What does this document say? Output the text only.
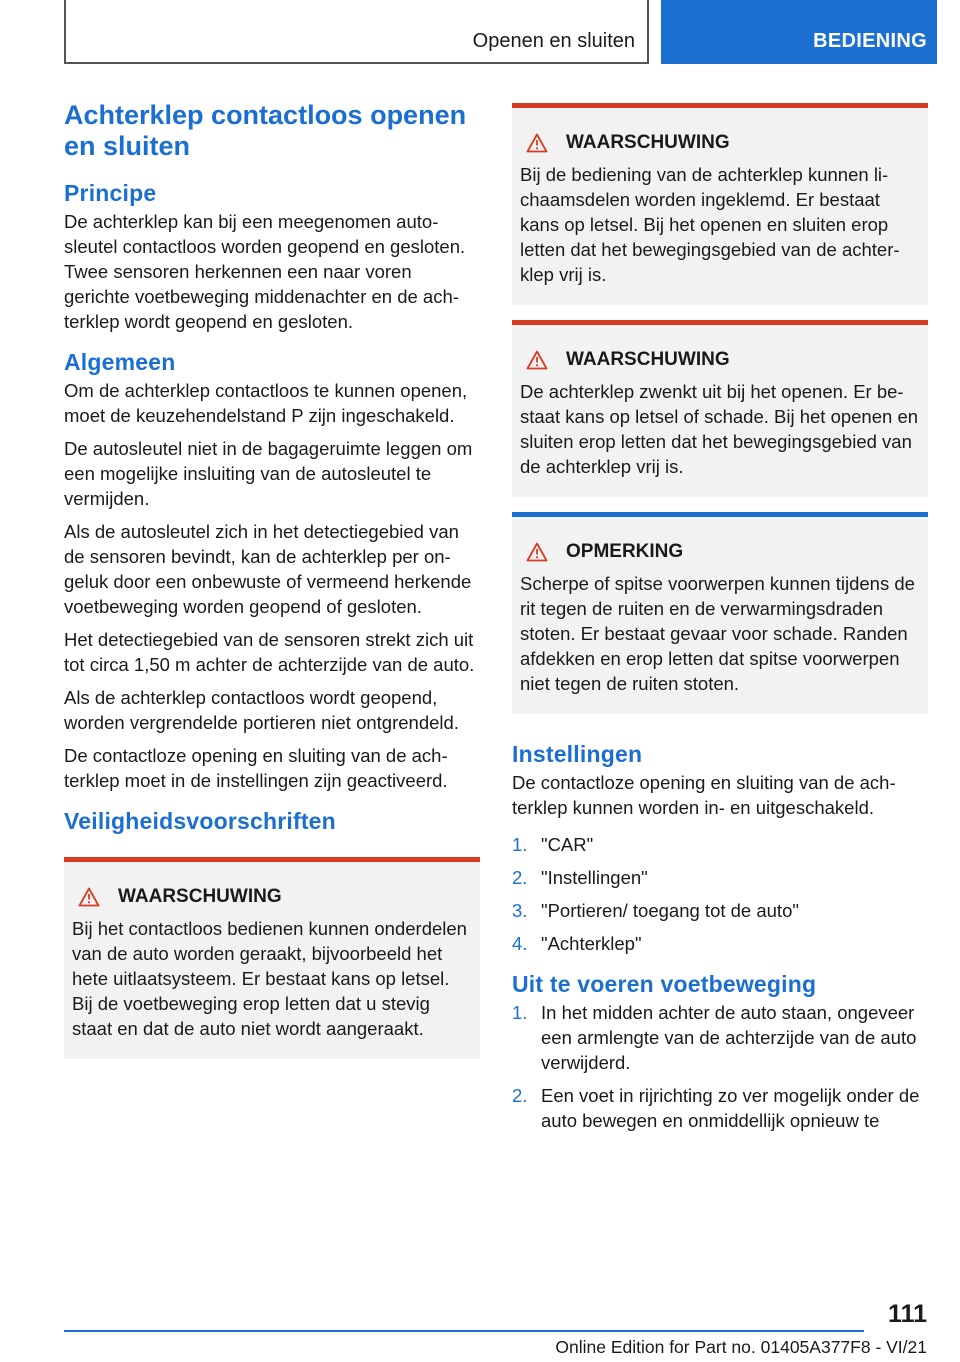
Openen en sluiten	BEDIENING
Achterklep contactloos openen en sluiten
Principe

De achterklep kan bij een meegenomen autosleutel contactloos worden geopend en gesloten. Twee sensoren herkennen een naar voren gerichte voetbeweging middenachter en de achterklep wordt geopend en gesloten.

Algemeen

Om de achterklep contactloos te kunnen openen, moet de keuzehendelstand P zijn ingeschakeld.

De autosleutel niet in de bagageruimte leggen om een mogelijke insluiting van de autosleutel te vermijden.

Als de autosleutel zich in het detectiegebied van de sensoren bevindt, kan de achterklep per ongeluk door een onbewuste of vermeend herkende voetbeweging worden geopend of gesloten.

Het detectiegebied van de sensoren strekt zich uit tot circa 1,50 m achter de achterzijde van de auto.

Als de achterklep contactloos wordt geopend, worden vergrendelde portieren niet ontgrendeld.

De contactloze opening en sluiting van de achterklep moet in de instellingen zijn geactiveerd.

Veiligheidsvoorschriften
WAARSCHUWING

Bij het contactloos bedienen kunnen onderdelen van de auto worden geraakt, bijvoorbeeld het hete uitlaatsysteem. Er bestaat kans op letsel. Bij de voetbeweging erop letten dat u stevig staat en dat de auto niet wordt aangeraakt.

WAARSCHUWING

Bij de bediening van de achterklep kunnen lichaamsdelen worden ingeklemd. Er bestaat kans op letsel. Bij het openen en sluiten erop letten dat het bewegingsgebied van de achterklep vrij is.

WAARSCHUWING

De achterklep zwenkt uit bij het openen. Er bestaat kans op letsel of schade. Bij het openen en sluiten erop letten dat het bewegingsgebied van de achterklep vrij is.

OPMERKING

Scherpe of spitse voorwerpen kunnen tijdens de rit tegen de ruiten en de verwarmingsdraden stoten. Er bestaat gevaar voor schade. Randen afdekken en erop letten dat spitse voorwerpen niet tegen de ruiten stoten.

Instellingen

De contactloze opening en sluiting van de achterklep kunnen worden in- en uitgeschakeld.

1. "CAR"
2. "Instellingen"
3. "Portieren/ toegang tot de auto"
4. "Achterklep"
Uit te voeren voetbeweging
1. In het midden achter de auto staan, ongeveer een armlengte van de achterzijde van de auto verwijderd.
2. Een voet in rijrichting zo ver mogelijk onder de auto bewegen en onmiddellijk opnieuw te
111
Online Edition for Part no. 01405A377F8 - VI/21
